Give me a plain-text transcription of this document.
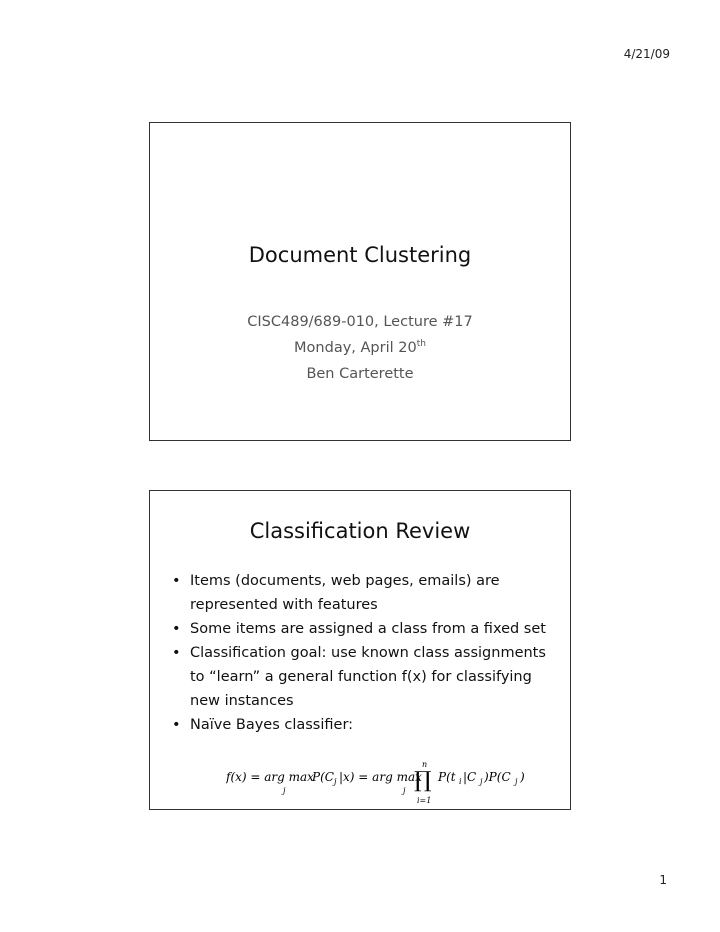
4/21/09
Document Clustering
CISC489/689-010, Lecture #17
Monday, April 20th
Ben Carterette
Classification Review
• Items (documents, web pages, emails) are represented with features
• Some items are assigned a class from a fixed set
• Classification goal: use known class assignments to “learn” a general function f(x) for classifying new instances
• Naïve Bayes classifier:
f(x) = arg max
P(C j |x) = arg max
j	j
n
∏
i=1
P(t i |C j )P(C j )
1
